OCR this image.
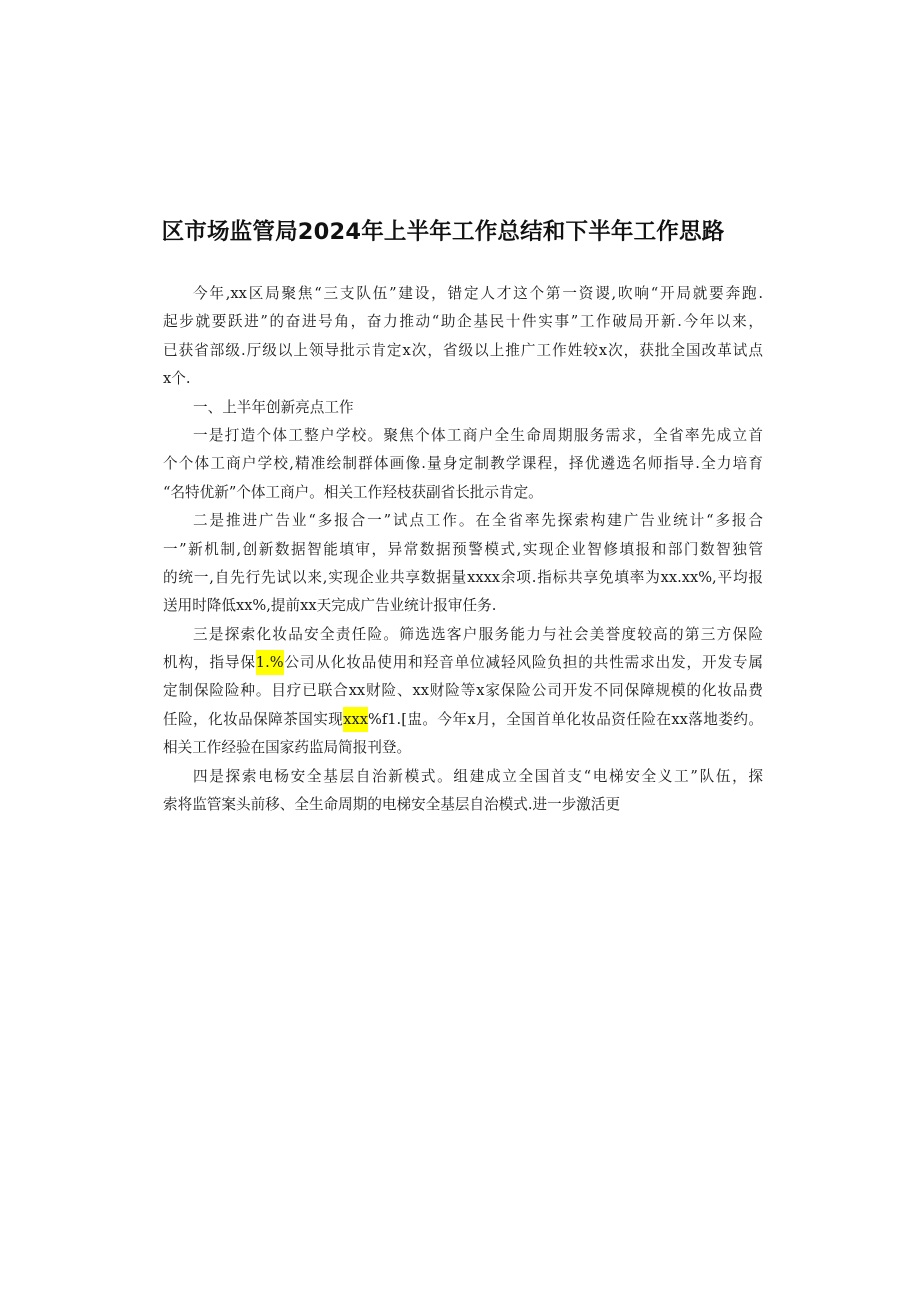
区市场监管局2024年上半年工作总结和下半年工作思路
今年,xx区局聚焦“三支队伍”建设，错定人才这个第一资谡,吹响“开局就要奔跑.
起步就要跃进”的奋进号角，奋力推动“助企基民十件实事”工作破局开新.今年以来，
已获省部级.厅级以上领导批示肯定x次，省级以上推广工作姓较x次，获批全国改革试点
x个.
一、上半年创新亮点工作
一是打造个体工整户学校。聚焦个体工商户全生命周期服务需求，全省率先成立首
个个体工商户学校,精准绘制群体画像.量身定制教学课程，择优遴选名师指导.全力培育
“名特优新”个体工商户。相关工作羟枝获副省长批示肯定。
二是推进广告业“多报合一”试点工作。在全省率先探索构建广告业统计“多报合
一”新机制,创新数据智能填审，异常数据预警模式,实现企业智修填报和部门数智独管
的统一,自先行先试以来,实现企业共享数据量xxxx余项.指标共享免填率为xx.xx%,平均报
送用时降低xx%,提前xx天完成广告业统计报审任务.
三是探索化妆品安全责任险。筛选选客户服务能力与社会美誉度较高的第三方保险
机构，指导保1.%公司从化妆品使用和羟音单位减轻风险负担的共性需求出发，开发专属
定制保险险种。目疗已联合xx财险、xx财险等x家保险公司开发不同保障规模的化妆品费
任险，化妆品保障茶国实现xxx%f1.[盅。今年x月，全国首单化妆品资任险在xx落地娄约。
相关工作经验在国家药监局简报刊登。
四是探索电杨安全基层自治新模式。组建成立全国首支“电梯安全义工”队伍，探
索将监管案头前移、全生命周期的电梯安全基层自治模式.进一步激活更
